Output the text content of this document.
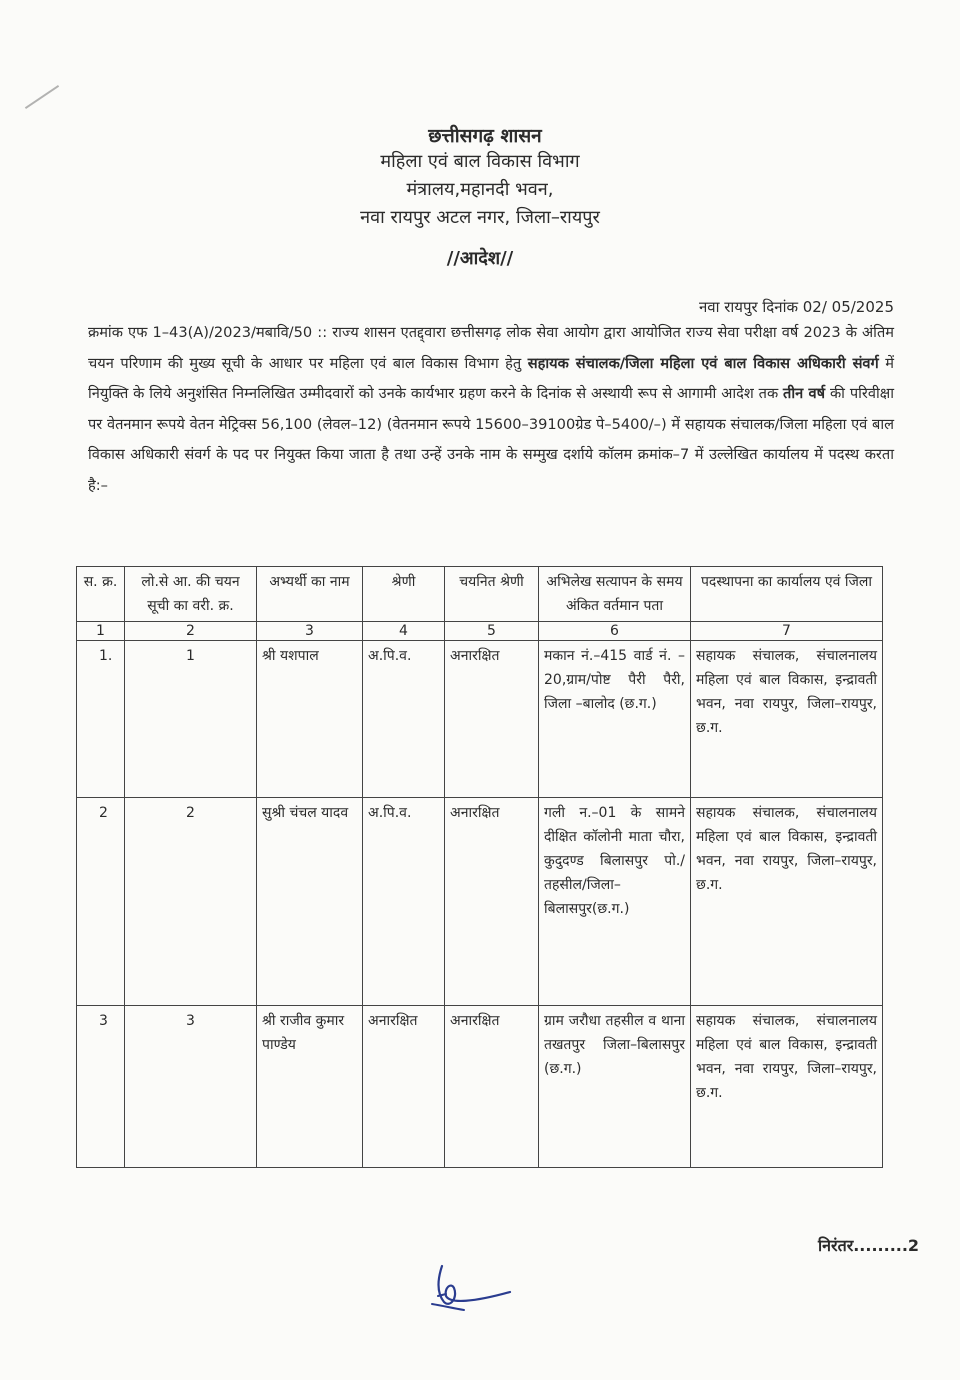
छत्तीसगढ़ शासन
महिला एवं बाल विकास विभाग
मंत्रालय,महानदी भवन,
नवा रायपुर अटल नगर, जिला–रायपुर
//आदेश//
नवा रायपुर दिनांक 02/ 05/2025
क्रमांक एफ 1–43(A)/2023/मबावि/50 :: राज्य शासन एतद्द्वारा छत्तीसगढ़ लोक सेवा आयोग द्वारा आयोजित राज्य सेवा परीक्षा वर्ष 2023 के अंतिम चयन परिणाम की मुख्य सूची के आधार पर महिला एवं बाल विकास विभाग हेतु सहायक संचालक/जिला महिला एवं बाल विकास अधिकारी संवर्ग में नियुक्ति के लिये अनुशंसित निम्नलिखित उम्मीदवारों को उनके कार्यभार ग्रहण करने के दिनांक से अस्थायी रूप से आगामी आदेश तक तीन वर्ष की परिवीक्षा पर वेतनमान रूपये वेतन मेट्रिक्स 56,100 (लेवल–12) (वेतनमान रूपये 15600–39100ग्रेड पे–5400/–) में सहायक संचालक/जिला महिला एवं बाल विकास अधिकारी संवर्ग के पद पर नियुक्त किया जाता है तथा उन्हें उनके नाम के सम्मुख दर्शाये कॉलम क्रमांक–7 में उल्लेखित कार्यालय में पदस्थ करता है:–
स. क्र.	लो.से आ. की चयन सूची का वरी. क्र.	अभ्यर्थी का नाम	श्रेणी	चयनित श्रेणी	अभिलेख सत्यापन के समय अंकित वर्तमान पता	पदस्थापना का कार्यालय एवं जिला
1	2	3	4	5	6	7
1.	1	श्री यशपाल	अ.पि.व.	अनारक्षित	मकान नं.–415 वार्ड नं. –20,ग्राम/पोष्ट पैरी पैरी, जिला –बालोद (छ.ग.)	सहायक संचालक, संचालनालय महिला एवं बाल विकास, इन्द्रावती भवन, नवा रायपुर, जिला–रायपुर, छ.ग.
2	2	सुश्री चंचल यादव	अ.पि.व.	अनारक्षित	गली न.–01 के सामने दीक्षित कॉलोनी माता चौरा, कुदुदण्ड बिलासपुर पो./तहसील/जिला–बिलासपुर(छ.ग.)	सहायक संचालक, संचालनालय महिला एवं बाल विकास, इन्द्रावती भवन, नवा रायपुर, जिला–रायपुर, छ.ग.
3	3	श्री राजीव कुमार पाण्डेय	अनारक्षित	अनारक्षित	ग्राम जरौधा तहसील व थाना तखतपुर जिला–बिलासपुर (छ.ग.)	सहायक संचालक, संचालनालय महिला एवं बाल विकास, इन्द्रावती भवन, नवा रायपुर, जिला–रायपुर, छ.ग.
निरंतर.........2
